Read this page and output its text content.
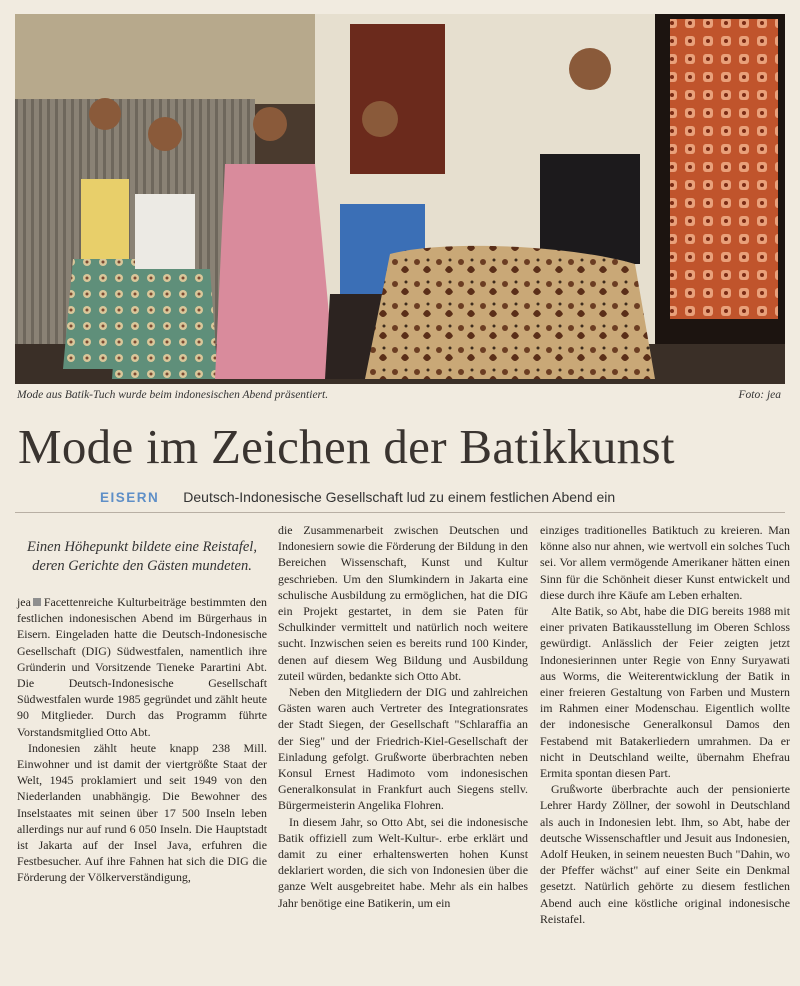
Mode aus Batik-Tuch wurde beim indonesischen Abend präsentiert.	Foto: jea
Mode im Zeichen der Batikkunst
EISERN Deutsch-Indonesische Gesellschaft lud zu einem festlichen Abend ein
Einen Höhepunkt bildete eine Reistafel, deren Gerichte den Gästen mundeten.

jea Facettenreiche Kulturbeiträge bestimmten den festlichen indonesischen Abend im Bürgerhaus in Eisern. Eingeladen hatte die Deutsch-Indonesische Gesellschaft (DIG) Südwestfalen, namentlich ihre Gründerin und Vorsitzende Tieneke Parartini Abt. Die Deutsch-Indonesische Gesellschaft Südwestfalen wurde 1985 gegründet und zählt heute 90 Mitglieder. Durch das Programm führte Vorstandsmitglied Otto Abt.

Indonesien zählt heute knapp 238 Mill. Einwohner und ist damit der viertgrößte Staat der Welt, 1945 proklamiert und seit 1949 von den Niederlanden unabhängig. Die Bewohner des Inselstaates mit seinen über 17 500 Inseln leben allerdings nur auf rund 6 050 Inseln. Die Hauptstadt ist Jakarta auf der Insel Java, erfuhren die Festbesucher. Auf ihre Fahnen hat sich die DIG die Förderung der Völkerverständigung,

die Zusammenarbeit zwischen Deutschen und Indonesiern sowie die Förderung der Bildung in den Bereichen Wissenschaft, Kunst und Kultur geschrieben. Um den Slumkindern in Jakarta eine schulische Ausbildung zu ermöglichen, hat die DIG ein Projekt gestartet, in dem sie Paten für Schulkinder vermittelt und natürlich noch weitere sucht. Inzwischen seien es bereits rund 100 Kinder, denen auf diesem Weg Bildung und Ausbildung zuteil würden, bedankte sich Otto Abt.

Neben den Mitgliedern der DIG und zahlreichen Gästen waren auch Vertreter des Integrationsrates der Stadt Siegen, der Gesellschaft "Schlaraffia an der Sieg" und der Friedrich-Kiel-Gesellschaft der Einladung gefolgt. Grußworte überbrachten neben Konsul Ernest Hadimoto vom indonesischen Generalkonsulat in Frankfurt auch Siegens stellv. Bürgermeisterin Angelika Flohren.

In diesem Jahr, so Otto Abt, sei die indonesische Batik offiziell zum Welt-Kultur-. erbe erklärt und damit zu einer erhaltenswerten hohen Kunst deklariert worden, die sich von Indonesien über die ganze Welt ausgebreitet habe. Mehr als ein halbes Jahr benötige eine Batikerin, um ein

einziges traditionelles Batiktuch zu kreieren. Man könne also nur ahnen, wie wertvoll ein solches Tuch sei. Vor allem vermögende Amerikaner hätten einen Sinn für die Schönheit dieser Kunst entwickelt und diese durch ihre Käufe am Leben erhalten.

Alte Batik, so Abt, habe die DIG bereits 1988 mit einer privaten Batikausstellung im Oberen Schloss gewürdigt. Anlässlich der Feier zeigten jetzt Indonesierinnen unter Regie von Enny Suryawati aus Worms, die Weiterentwicklung der Batik in einer freieren Gestaltung von Farben und Mustern im Rahmen einer Modenschau. Eigentlich wollte der indonesische Generalkonsul Damos den Festabend mit Batakerliedern umrahmen. Da er nicht in Deutschland weilte, übernahm Ehefrau Ermita spontan diesen Part.

Grußworte überbrachte auch der pensionierte Lehrer Hardy Zöllner, der sowohl in Deutschland als auch in Indonesien lebt. Ihm, so Abt, habe der deutsche Wissenschaftler und Jesuit aus Indonesien, Adolf Heuken, in seinem neuesten Buch "Dahin, wo der Pfeffer wächst" auf einer Seite ein Denkmal gesetzt. Natürlich gehörte zu diesem festlichen Abend auch eine köstliche original indonesische Reistafel.
